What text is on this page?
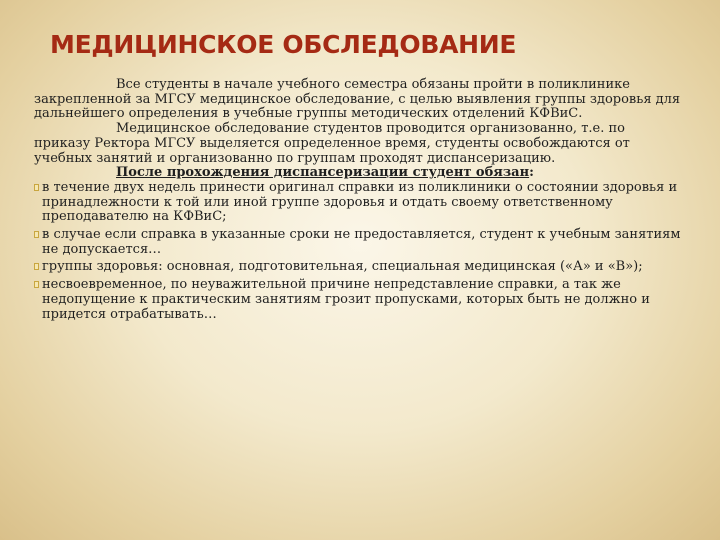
МЕДИЦИНСКОЕ ОБСЛЕДОВАНИЕ

Все студенты в начале учебного семестра обязаны пройти в поликлинике закрепленной за МГСУ медицинское обследование, с целью выявления группы здоровья для дальнейшего определения в учебные группы методических отделений КФВиС.

Медицинское обследование студентов проводится организованно, т.е. по приказу Ректора МГСУ выделяется определенное время, студенты освобождаются от учебных занятий и организованно по группам проходят диспансеризацию.

После прохождения диспансеризации студент обязан:

в течение двух недель принести оригинал справки из поликлиники о состоянии здоровья и принадлежности к той или иной группе здоровья и отдать своему ответственному преподавателю на КФВиС;
в случае если справка в указанные сроки не предоставляется, студент к учебным занятиям не допускается…
группы здоровья: основная, подготовительная, специальная медицинская («А» и «В»);
несвоевременное, по неуважительной причине непредставление справки, а так же недопущение к практическим занятиям грозит пропусками, которых быть не должно и придется отрабатывать…
